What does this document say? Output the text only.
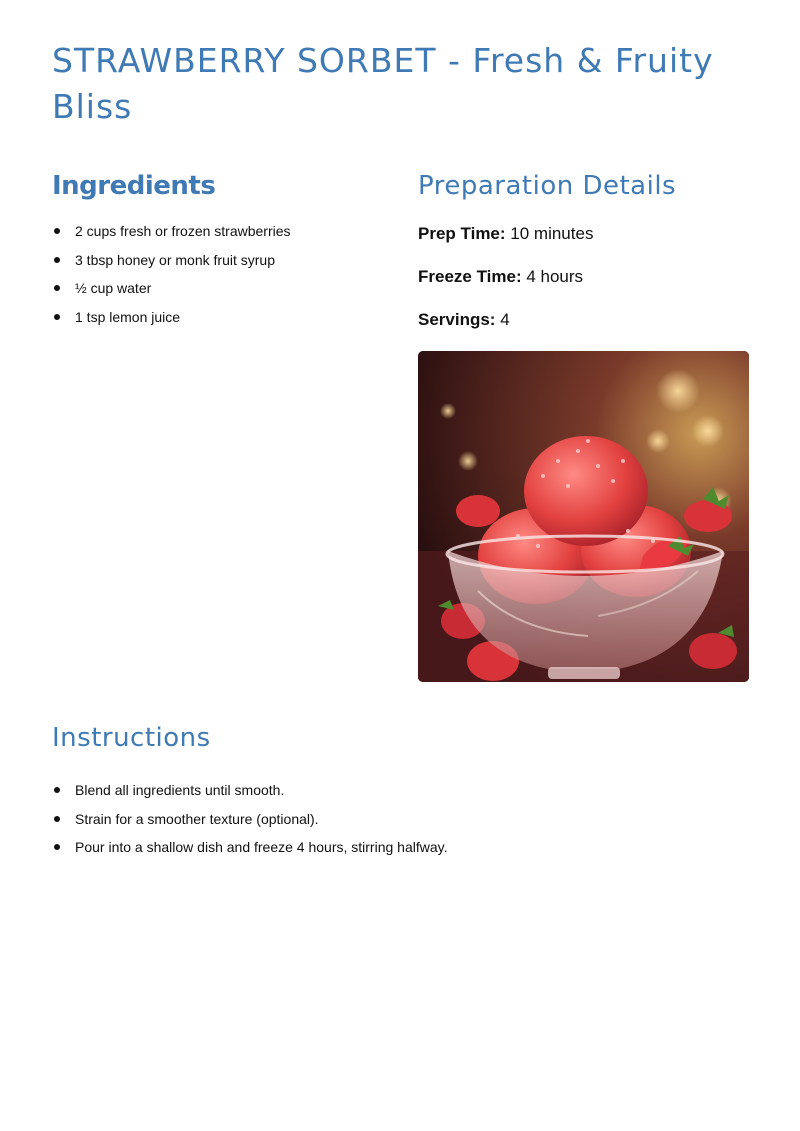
STRAWBERRY SORBET - Fresh & Fruity Bliss
Ingredients
2 cups fresh or frozen strawberries
3 tbsp honey or monk fruit syrup
½ cup water
1 tsp lemon juice
Preparation Details

Prep Time: 10 minutes

Freeze Time: 4 hours

Servings: 4

Instructions
Blend all ingredients until smooth.
Strain for a smoother texture (optional).
Pour into a shallow dish and freeze 4 hours, stirring halfway.
